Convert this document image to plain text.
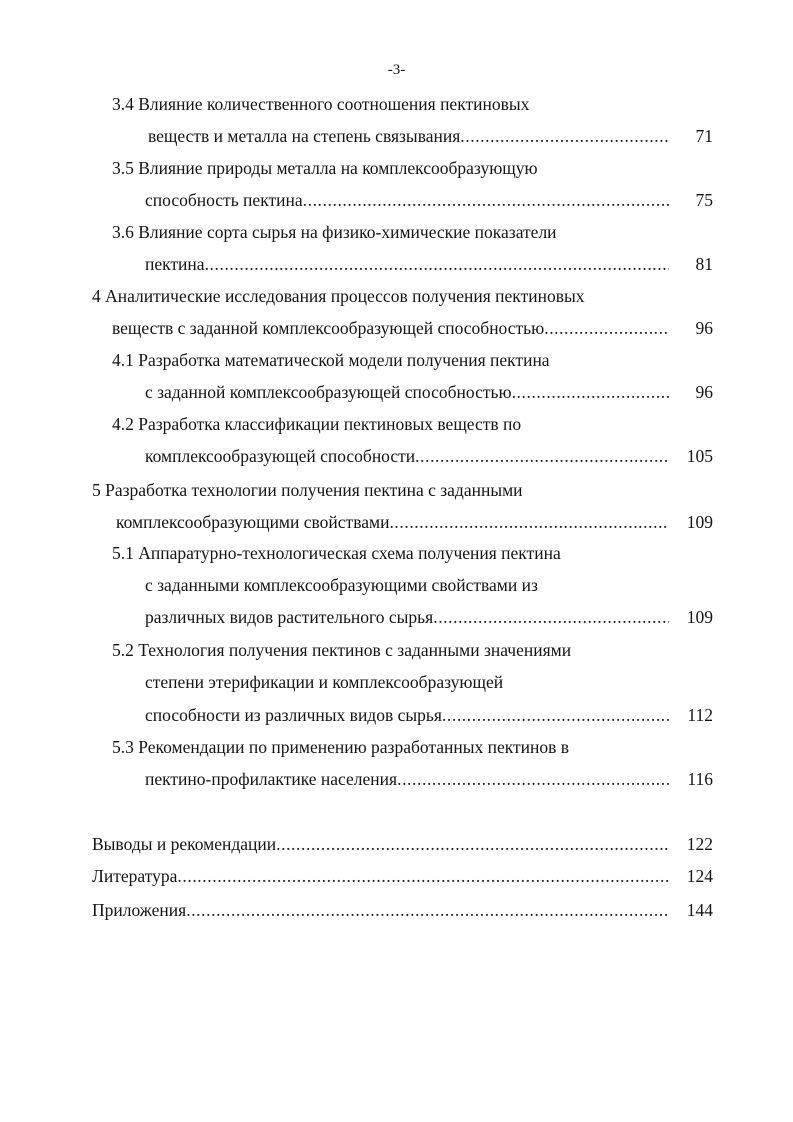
-3-
3.4 Влияние количественного соотношения пектиновых
веществ и металла на степень связывания .....	71
3.5 Влияние природы металла на комплексообразующую
способность пектина .....	75
3.6 Влияние сорта сырья на физико-химические показатели
пектина .....	81
4 Аналитические исследования процессов получения пектиновых
веществ с заданной комплексообразующей способностью .....	96
4.1 Разработка математической модели получения пектина
с заданной комплексообразующей способностью .....	96
4.2 Разработка классификации пектиновых веществ по
комплексообразующей способности .....	105
5 Разработка технологии получения пектина с заданными
комплексообразующими свойствами .....	109
5.1 Аппаратурно-технологическая схема получения пектина
с заданными комплексообразующими свойствами из
различных видов растительного сырья .....	109
5.2 Технология получения пектинов с заданными значениями
степени этерификации и комплексообразующей
способности из различных видов сырья .....	112
5.3 Рекомендации по применению разработанных пектинов в
пектино-профилактике населения .....	116
Выводы и рекомендации .....	122
Литература .....	124
Приложения .....	144
